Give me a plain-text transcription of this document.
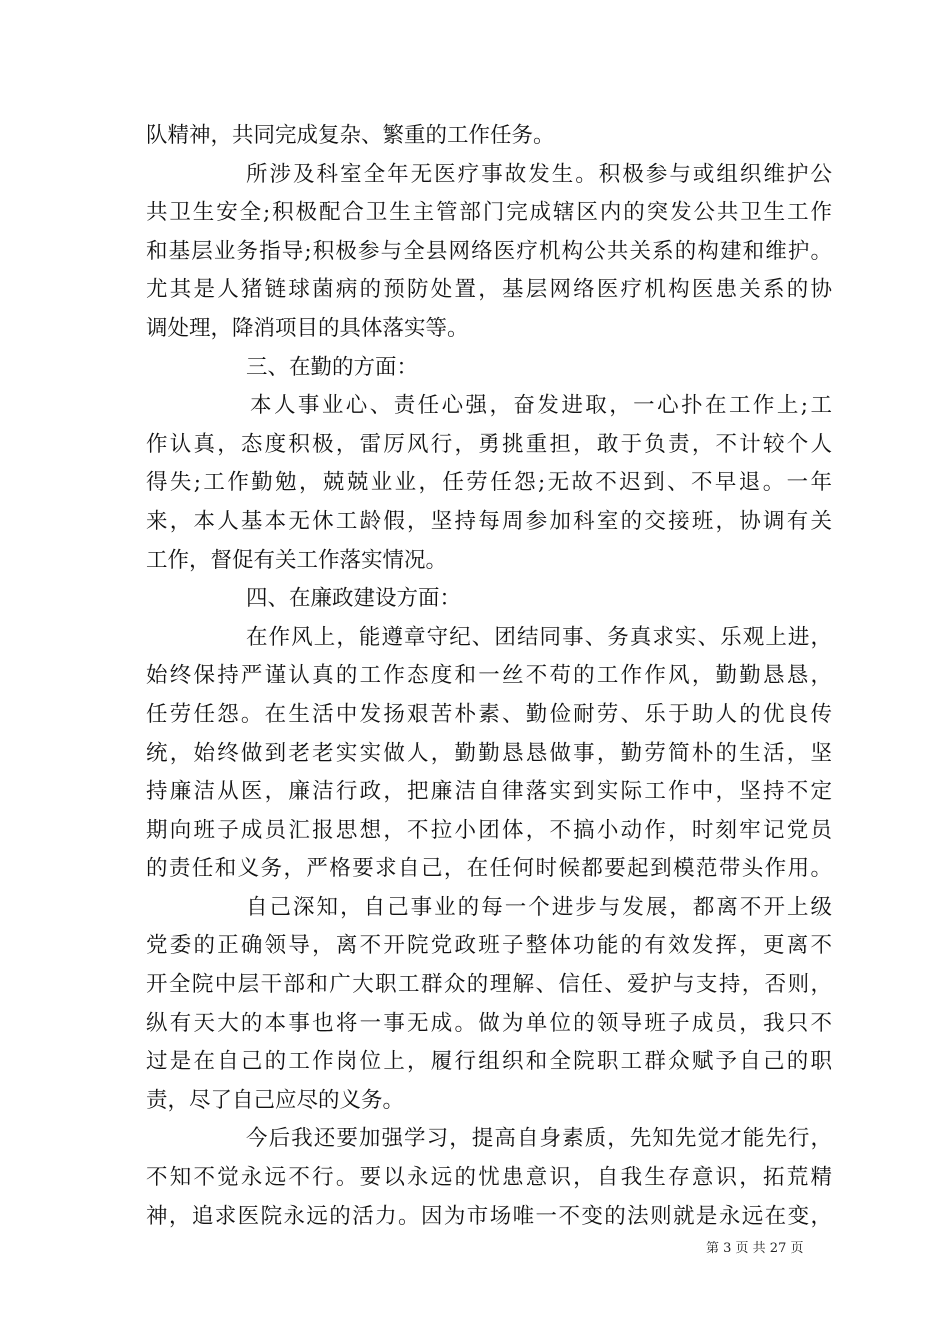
队精神，共同完成复杂、繁重的工作任务。
所涉及科室全年无医疗事故发生。积极参与或组织维护公
共卫生安全;积极配合卫生主管部门完成辖区内的突发公共卫生工作
和基层业务指导;积极参与全县网络医疗机构公共关系的构建和维护。
尤其是人猪链球菌病的预防处置，基层网络医疗机构医患关系的协
调处理，降消项目的具体落实等。
三、在勤的方面：
本人事业心、责任心强，奋发进取，一心扑在工作上;工
作认真，态度积极，雷厉风行，勇挑重担，敢于负责，不计较个人
得失;工作勤勉，兢兢业业，任劳任怨;无故不迟到、不早退。一年
来，本人基本无休工龄假，坚持每周参加科室的交接班，协调有关
工作，督促有关工作落实情况。
四、在廉政建设方面：
在作风上，能遵章守纪、团结同事、务真求实、乐观上进，
始终保持严谨认真的工作态度和一丝不苟的工作作风，勤勤恳恳，
任劳任怨。在生活中发扬艰苦朴素、勤俭耐劳、乐于助人的优良传
统，始终做到老老实实做人，勤勤恳恳做事，勤劳简朴的生活，坚
持廉洁从医，廉洁行政，把廉洁自律落实到实际工作中，坚持不定
期向班子成员汇报思想，不拉小团体，不搞小动作，时刻牢记党员
的责任和义务，严格要求自己，在任何时候都要起到模范带头作用。
自己深知，自己事业的每一个进步与发展，都离不开上级
党委的正确领导，离不开院党政班子整体功能的有效发挥，更离不
开全院中层干部和广大职工群众的理解、信任、爱护与支持，否则，
纵有天大的本事也将一事无成。做为单位的领导班子成员，我只不
过是在自己的工作岗位上，履行组织和全院职工群众赋予自己的职
责，尽了自己应尽的义务。
今后我还要加强学习，提高自身素质，先知先觉才能先行，
不知不觉永远不行。要以永远的忧患意识，自我生存意识，拓荒精
神，追求医院永远的活力。因为市场唯一不变的法则就是永远在变，
第 3 页 共 27 页
